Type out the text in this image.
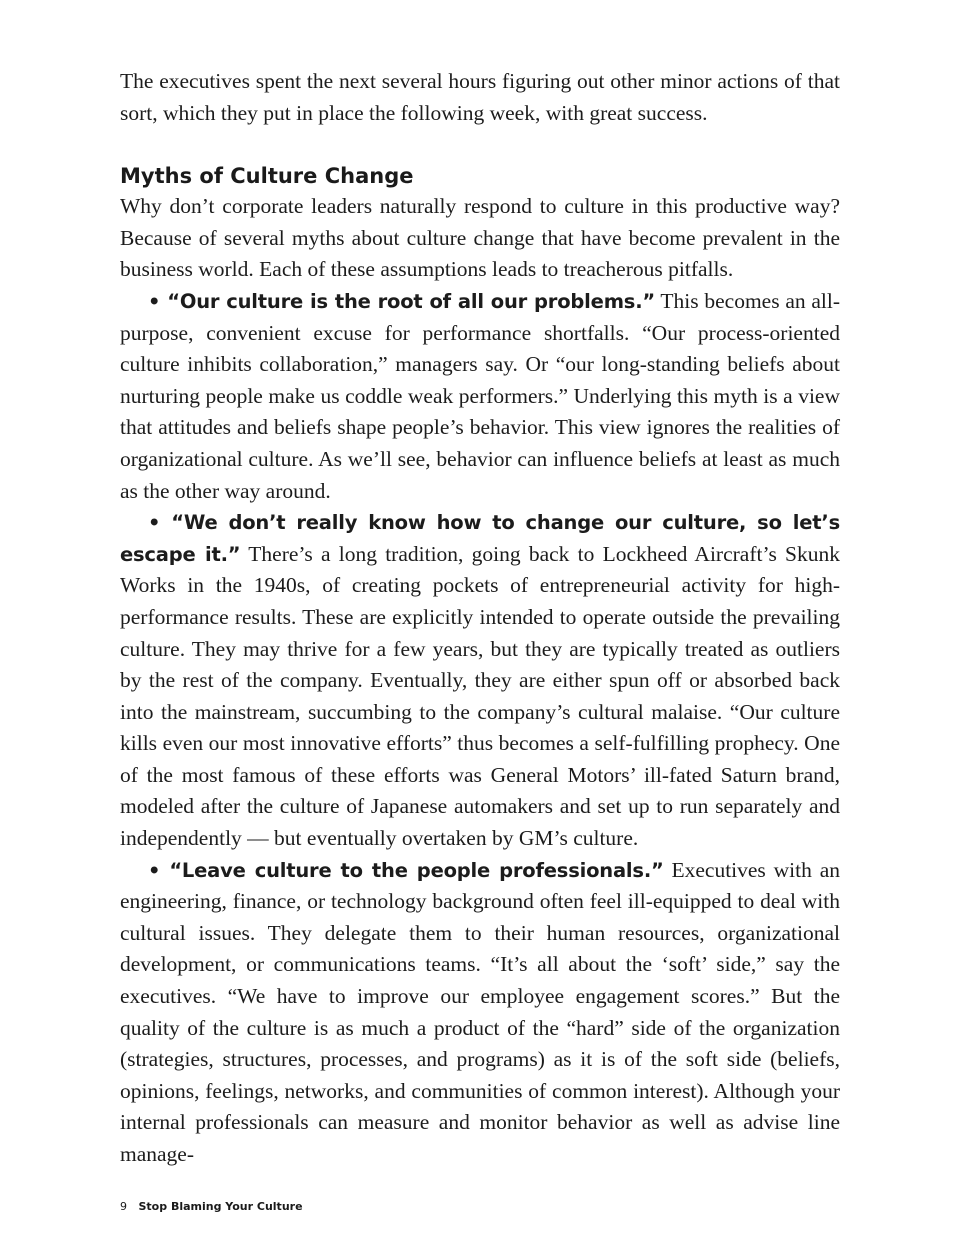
The executives spent the next several hours figuring out other minor actions of that sort, which they put in place the following week, with great success.

Myths of Culture Change

Why don’t corporate leaders naturally respond to culture in this productive way? Because of several myths about culture change that have become prevalent in the business world. Each of these assumptions leads to treacherous pitfalls.

• “Our culture is the root of all our problems.” This becomes an all-purpose, convenient excuse for performance shortfalls. “Our process-oriented culture inhibits collaboration,” managers say. Or “our long-standing beliefs about nurturing people make us coddle weak performers.” Underlying this myth is a view that attitudes and beliefs shape people’s behavior. This view ignores the realities of organizational culture. As we’ll see, behavior can influence beliefs at least as much as the other way around.

• “We don’t really know how to change our culture, so let’s escape it.” There’s a long tradition, going back to Lockheed Aircraft’s Skunk Works in the 1940s, of creating pockets of entrepreneurial activity for high-performance results. These are explicitly intended to operate outside the prevailing culture. They may thrive for a few years, but they are typically treated as outliers by the rest of the company. Eventually, they are either spun off or absorbed back into the mainstream, succumbing to the company’s cultural malaise. “Our culture kills even our most innovative efforts” thus becomes a self-fulfilling prophecy. One of the most famous of these efforts was General Motors’ ill-fated Saturn brand, modeled after the culture of Japanese automakers and set up to run separately and independently — but eventually overtaken by GM’s culture.

• “Leave culture to the people professionals.” Executives with an engineering, finance, or technology background often feel ill-equipped to deal with cultural issues. They delegate them to their human resources, organizational development, or communications teams. “It’s all about the ‘soft’ side,” say the executives. “We have to improve our employee engagement scores.” But the quality of the culture is as much a product of the “hard” side of the organization (strategies, structures, processes, and programs) as it is of the soft side (beliefs, opinions, feelings, networks, and communities of common interest). Although your internal professionals can measure and monitor behavior as well as advise line manage-

9 Stop Blaming Your Culture
